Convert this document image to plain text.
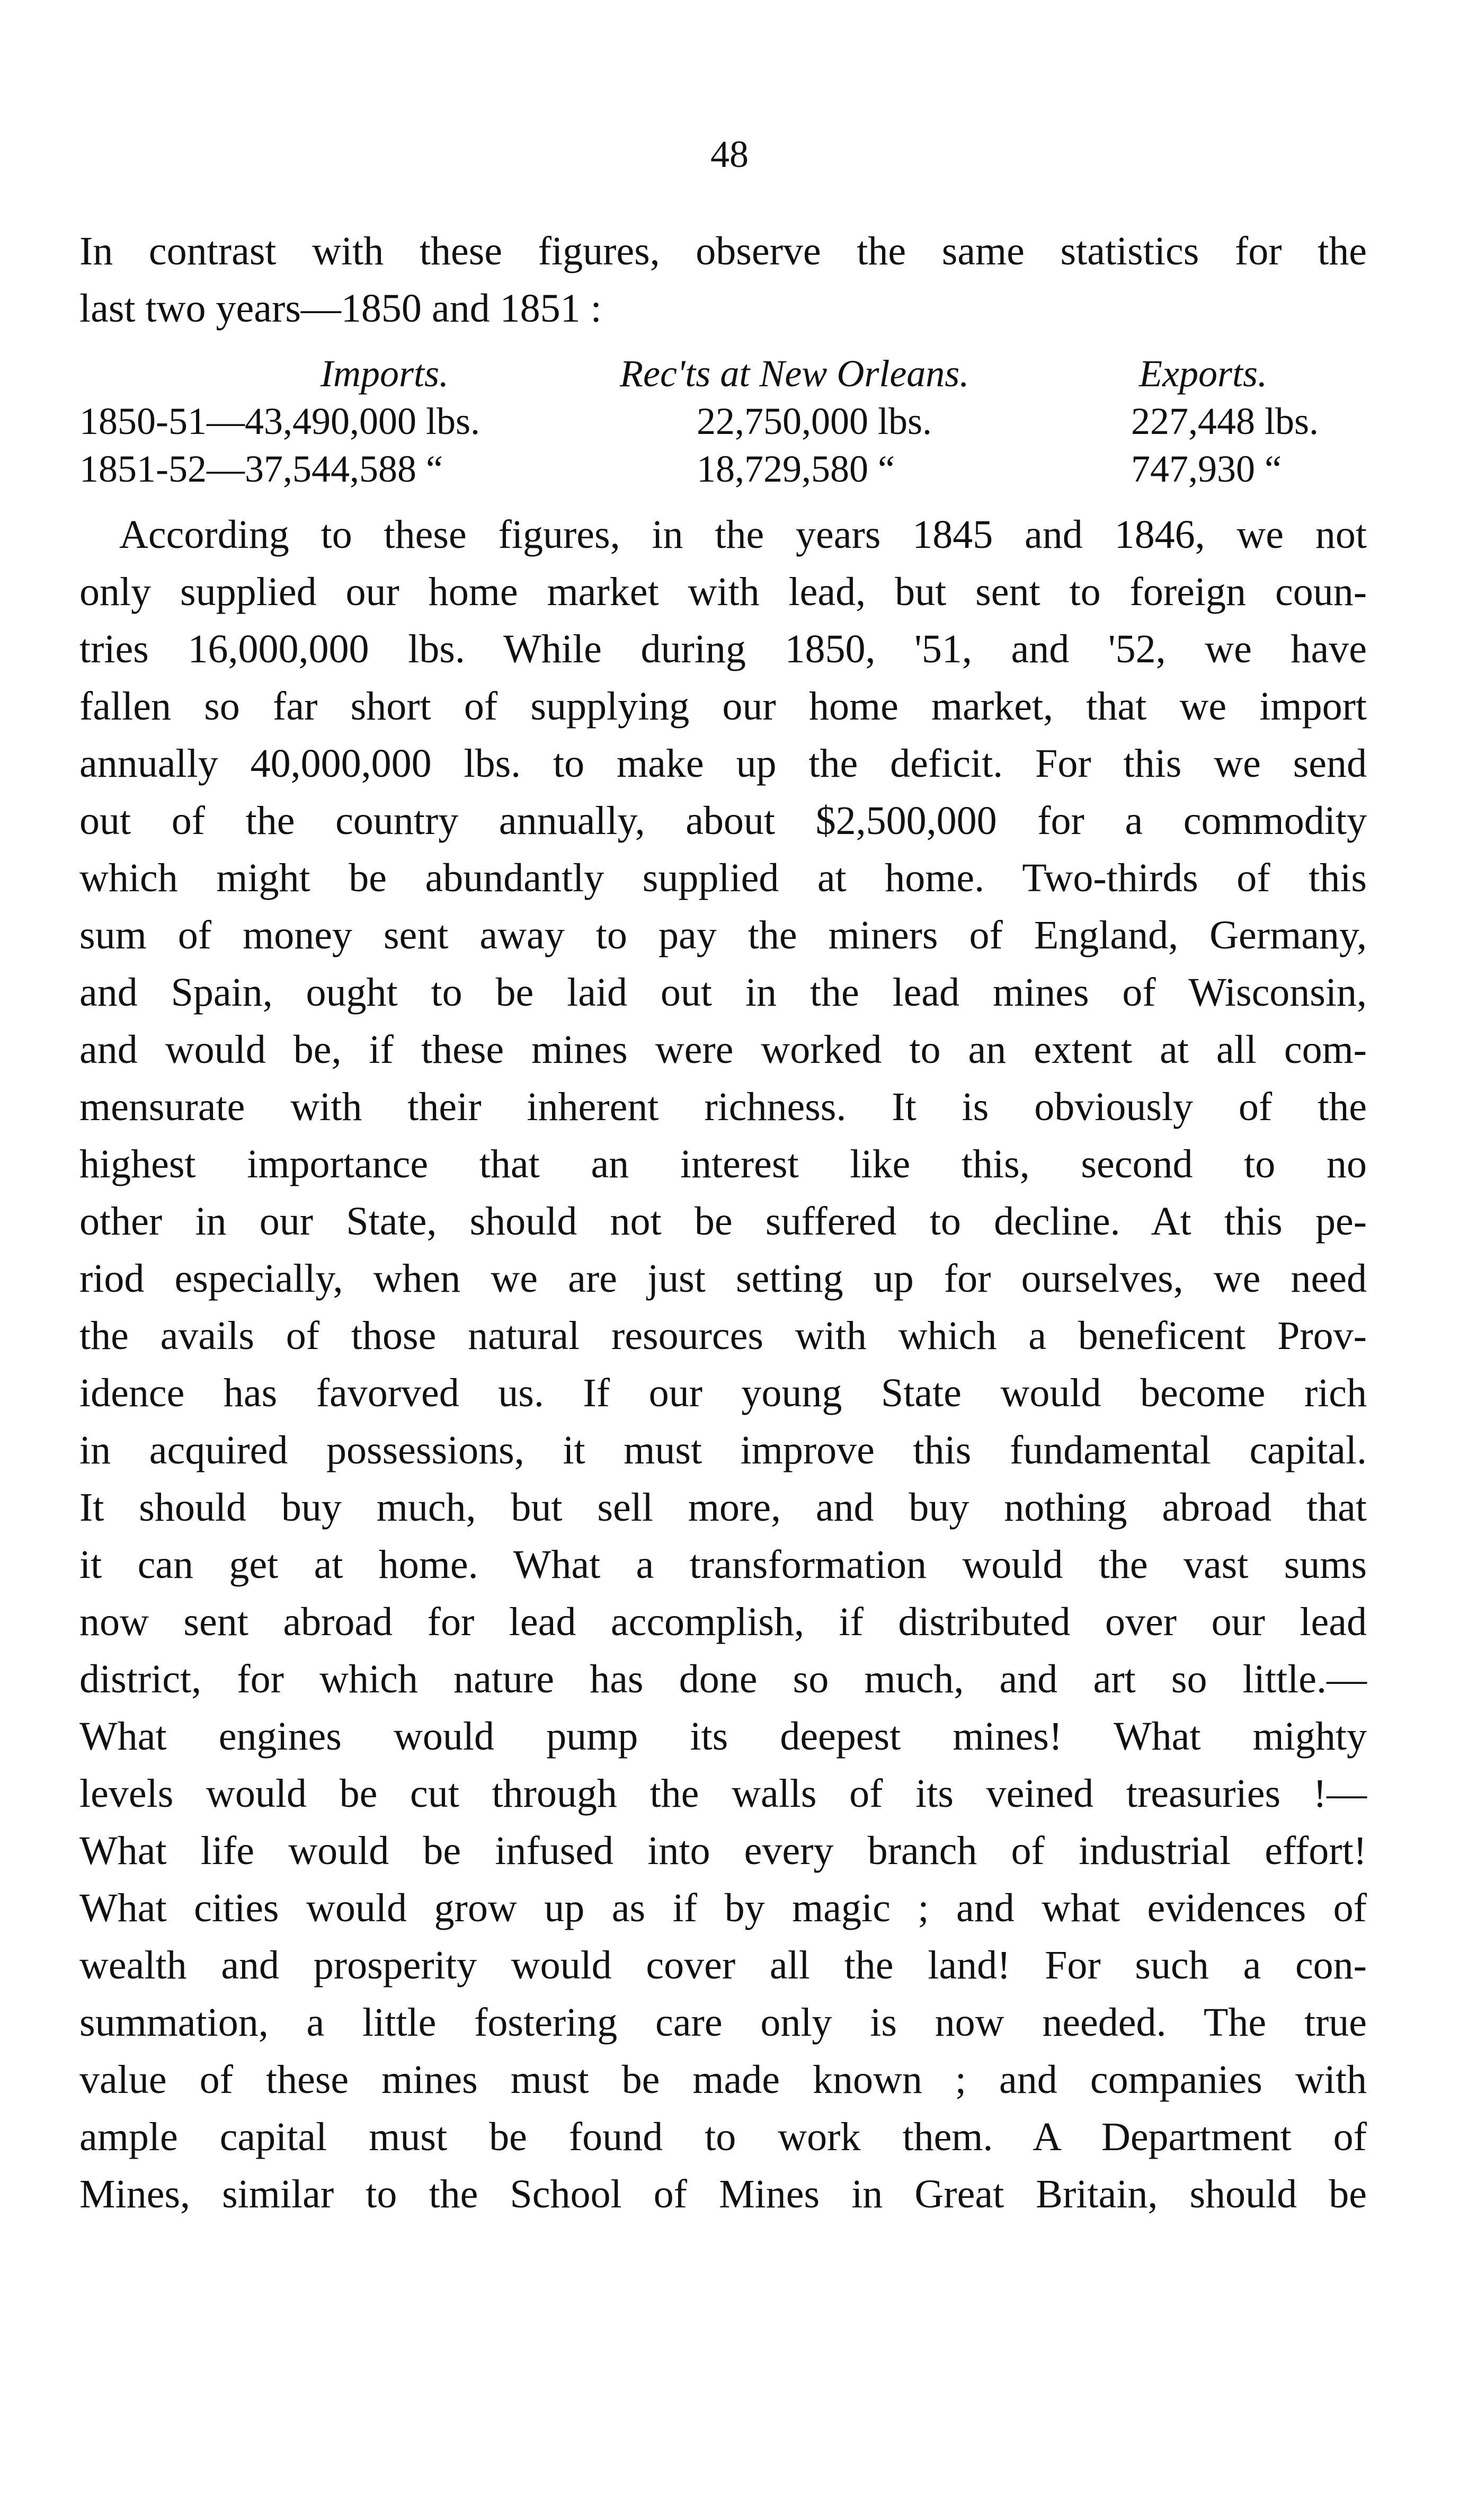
48
In contrast with these figures, observe the same statistics for the
last two years—1850 and 1851 :
Imports.	Rec'ts at New Orleans.	Exports.
1850-51—43,490,000 lbs.	22,750,000 lbs.	227,448 lbs.
1851-52—37,544,588 “	18,729,580 “	747,930 “
According to these figures, in the years 1845 and 1846, we not
only supplied our home market with lead, but sent to foreign coun-
tries 16,000,000 lbs. While during 1850, '51, and '52, we have
fallen so far short of supplying our home market, that we import
annually 40,000,000 lbs. to make up the deficit. For this we send
out of the country annually, about $2,500,000 for a commodity
which might be abundantly supplied at home. Two-thirds of this
sum of money sent away to pay the miners of England, Germany,
and Spain, ought to be laid out in the lead mines of Wisconsin,
and would be, if these mines were worked to an extent at all com-
mensurate with their inherent richness. It is obviously of the
highest importance that an interest like this, second to no
other in our State, should not be suffered to decline. At this pe-
riod especially, when we are just setting up for ourselves, we need
the avails of those natural resources with which a beneficent Prov-
idence has favorved us. If our young State would become rich
in acquired possessions, it must improve this fundamental capital.
It should buy much, but sell more, and buy nothing abroad that
it can get at home. What a transformation would the vast sums
now sent abroad for lead accomplish, if distributed over our lead
district, for which nature has done so much, and art so little.—
What engines would pump its deepest mines! What mighty
levels would be cut through the walls of its veined treasuries !—
What life would be infused into every branch of industrial effort!
What cities would grow up as if by magic ; and what evidences of
wealth and prosperity would cover all the land! For such a con-
summation, a little fostering care only is now needed. The true
value of these mines must be made known ; and companies with
ample capital must be found to work them. A Department of
Mines, similar to the School of Mines in Great Britain, should be
